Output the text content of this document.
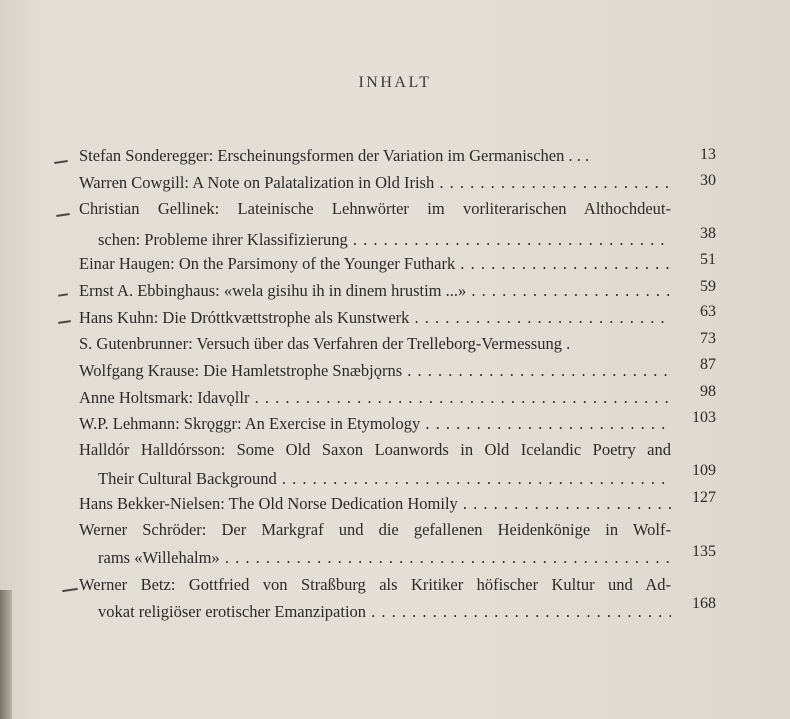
INHALT
Stefan Sonderegger: Erscheinungsformen der Variation im Germanischen . . .	13
Warren Cowgill: A Note on Palatalization in Old Irish . . .	30
Christian Gellinek: Lateinische Lehnwörter im vorliterarischen Althochdeut-
schen: Probleme ihrer Klassifizierung . . .	38
Einar Haugen: On the Parsimony of the Younger Futhark . . .	51
Ernst A. Ebbinghaus: «wela gisihu ih in dinem hrustim ...» . . .	59
Hans Kuhn: Die Dróttkvættstrophe als Kunstwerk . . .	63
S. Gutenbrunner: Versuch über das Verfahren der Trelleborg-Vermessung .	73
Wolfgang Krause: Die Hamletstrophe Snæbjǫrns . . .	87
Anne Holtsmark: Idavǫllr . . .	98
W.P. Lehmann: Skrǫggr: An Exercise in Etymology . . .	103
Halldór Halldórsson: Some Old Saxon Loanwords in Old Icelandic Poetry and
Their Cultural Background . . .	109
Hans Bekker-Nielsen: The Old Norse Dedication Homily . . .	127
Werner Schröder: Der Markgraf und die gefallenen Heidenkönige in Wolf-
rams «Willehalm» . . .	135
Werner Betz: Gottfried von Straßburg als Kritiker höfischer Kultur und Ad-
vokat religiöser erotischer Emanzipation . . .	168
